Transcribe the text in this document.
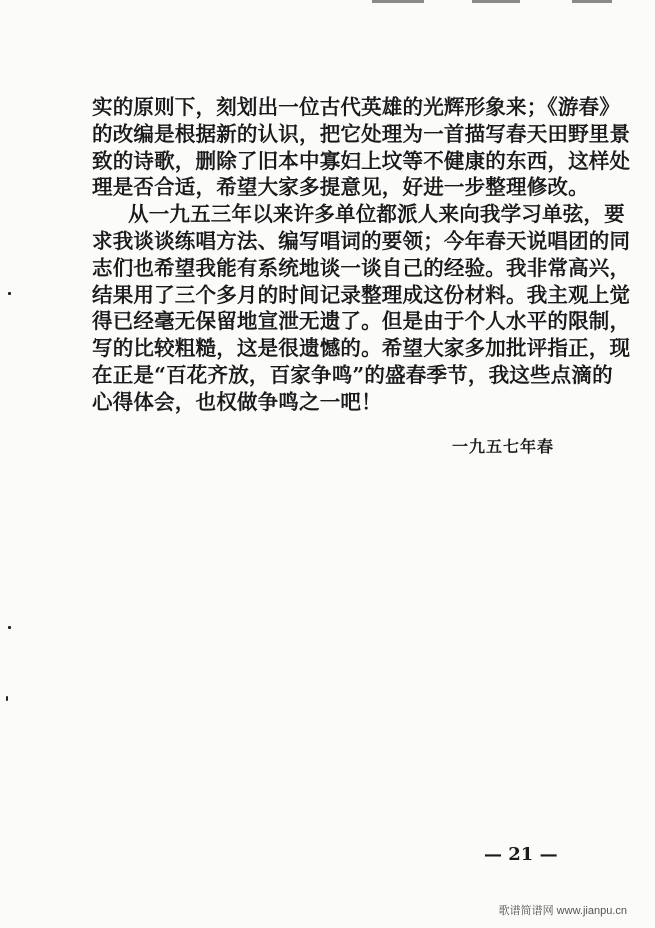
实的原则下，刻划出一位古代英雄的光辉形象来；《游春》
的改编是根据新的认识，把它处理为一首描写春天田野里景
致的诗歌，删除了旧本中寡妇上坟等不健康的东西，这样处
理是否合适，希望大家多提意见，好进一步整理修改。
从一九五三年以来许多单位都派人来向我学习单弦，要
求我谈谈练唱方法、编写唱词的要领；今年春天说唱团的同
志们也希望我能有系统地谈一谈自己的经验。我非常高兴，
结果用了三个多月的时间记录整理成这份材料。我主观上觉
得已经毫无保留地宣泄无遗了。但是由于个人水平的限制，
写的比较粗糙，这是很遗憾的。希望大家多加批评指正，现
在正是“百花齐放，百家争鸣”的盛春季节，我这些点滴的
心得体会，也权做争鸣之一吧！
一九五七年春
— 21 —
歌谱简谱网 www.jianpu.cn
